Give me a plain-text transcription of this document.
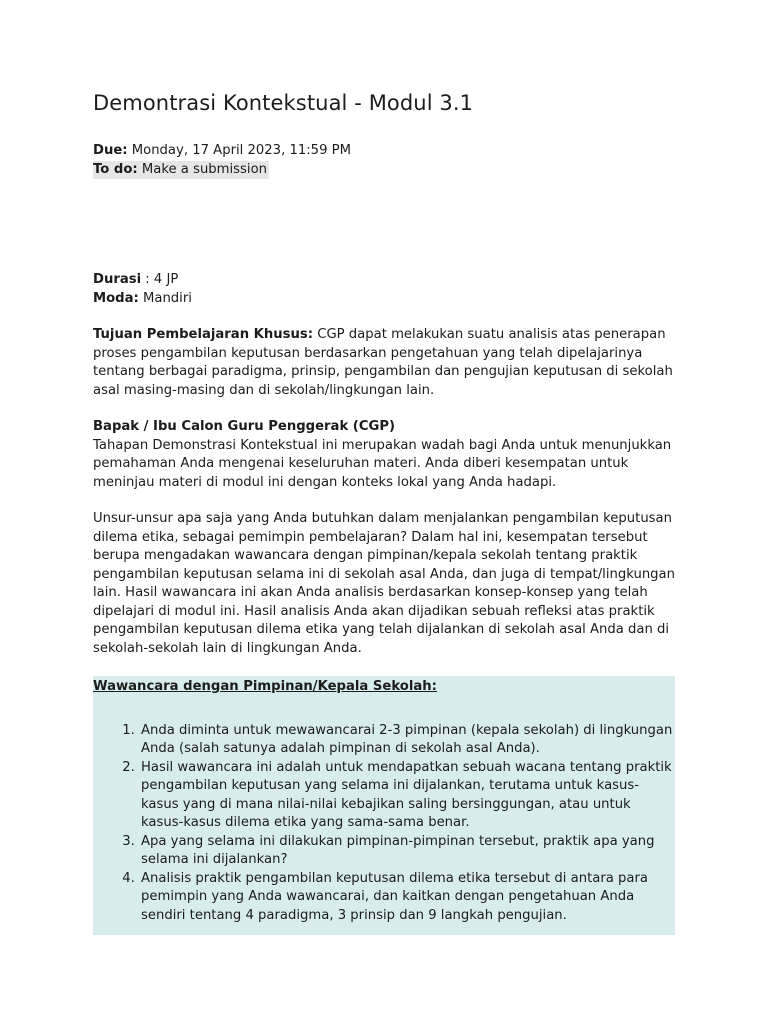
Demontrasi Kontekstual - Modul 3.1
Due: Monday, 17 April 2023, 11:59 PM
To do: Make a submission
Durasi : 4 JP
Moda: Mandiri

Tujuan Pembelajaran Khusus: CGP dapat melakukan suatu analisis atas penerapan proses pengambilan keputusan berdasarkan pengetahuan yang telah dipelajarinya tentang berbagai paradigma, prinsip, pengambilan dan pengujian keputusan di sekolah asal masing-masing dan di sekolah/lingkungan lain.

Bapak / Ibu Calon Guru Penggerak (CGP)
Tahapan Demonstrasi Kontekstual ini merupakan wadah bagi Anda untuk menunjukkan pemahaman Anda mengenai keseluruhan materi. Anda diberi kesempatan untuk meninjau materi di modul ini dengan konteks lokal yang Anda hadapi.

Unsur-unsur apa saja yang Anda butuhkan dalam menjalankan pengambilan keputusan dilema etika, sebagai pemimpin pembelajaran? Dalam hal ini, kesempatan tersebut berupa mengadakan wawancara dengan pimpinan/kepala sekolah tentang praktik pengambilan keputusan selama ini di sekolah asal Anda, dan juga di tempat/lingkungan lain. Hasil wawancara ini akan Anda analisis berdasarkan konsep-konsep yang telah dipelajari di modul ini. Hasil analisis Anda akan dijadikan sebuah refleksi atas praktik pengambilan keputusan dilema etika yang telah dijalankan di sekolah asal Anda dan di sekolah-sekolah lain di lingkungan Anda.

Wawancara dengan Pimpinan/Kepala Sekolah:

1. Anda diminta untuk mewawancarai 2-3 pimpinan (kepala sekolah) di lingkungan Anda (salah satunya adalah pimpinan di sekolah asal Anda).
2. Hasil wawancara ini adalah untuk mendapatkan sebuah wacana tentang praktik pengambilan keputusan yang selama ini dijalankan, terutama untuk kasus-kasus yang di mana nilai-nilai kebajikan saling bersinggungan, atau untuk kasus-kasus dilema etika yang sama-sama benar.
3. Apa yang selama ini dilakukan pimpinan-pimpinan tersebut, praktik apa yang selama ini dijalankan?
4. Analisis praktik pengambilan keputusan dilema etika tersebut di antara para pemimpin yang Anda wawancarai, dan kaitkan dengan pengetahuan Anda sendiri tentang 4 paradigma, 3 prinsip dan 9 langkah pengujian.
